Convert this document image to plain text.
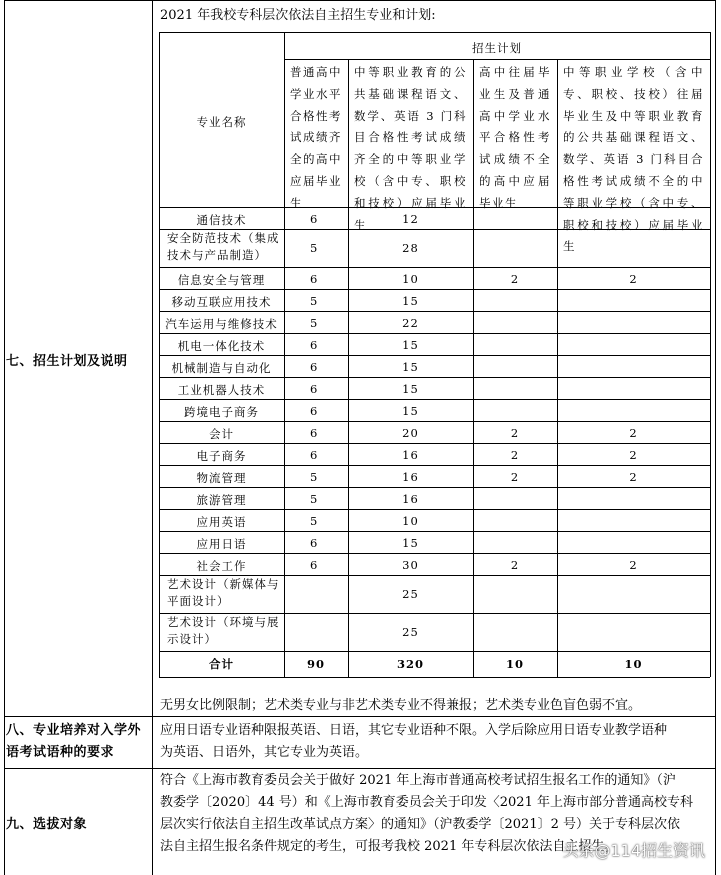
2021 年我校专科层次依法自主招生专业和计划:
七、招生计划及说明
专业名称
招生计划
普通高中学业水平合格性考试成绩齐全的高中应届毕业生
中等职业教育的公共基础课程语文、数学、英语 3 门科目合格性考试成绩齐全的中等职业学校（含中专、职校和技校）应届毕业生
高中往届毕业生及普通高中学业水平合格性考试成绩不全的高中应届毕业生
中等职业学校（含中专、职校、技校）往届毕业生及中等职业教育的公共基础课程语文、数学、英语 3 门科目合格性考试成绩不全的中等职业学校（含中专、职校和技校）应届毕业生
通信技术	6	12
安全防范技术（集成
技术与产品制造）	5	28
信息安全与管理	6	10	2	2
移动互联应用技术	5	15
汽车运用与维修技术	5	22
机电一体化技术	6	15
机械制造与自动化	6	15
工业机器人技术	6	15
跨境电子商务	6	15
会计	6	20	2	2
电子商务	6	16	2	2
物流管理	5	16	2	2
旅游管理	5	16
应用英语	5	10
应用日语	6	15
社会工作	6	30	2	2
艺术设计（新媒体与
平面设计）	25
艺术设计（环境与展
示设计）	25
合计	90	320	10	10
无男女比例限制；艺术类专业与非艺术类专业不得兼报；艺术类专业色盲色弱不宜。
八、专业培养对入学外
语考试语种的要求
应用日语专业语种限报英语、日语，其它专业语种不限。入学后除应用日语专业教学语种
为英语、日语外，其它专业为英语。
九、选拔对象
符合《上海市教育委员会关于做好 2021 年上海市普通高校考试招生报名工作的通知》（沪
教委学〔2020〕44 号）和《上海市教育委员会关于印发〈2021 年上海市部分普通高校专科
层次实行依法自主招生改革试点方案〉的通知》（沪教委学〔2021〕2 号）关于专科层次依
法自主招生报名条件规定的考生，可报考我校 2021 年专科层次依法自主招生。
头条@114招生资讯
